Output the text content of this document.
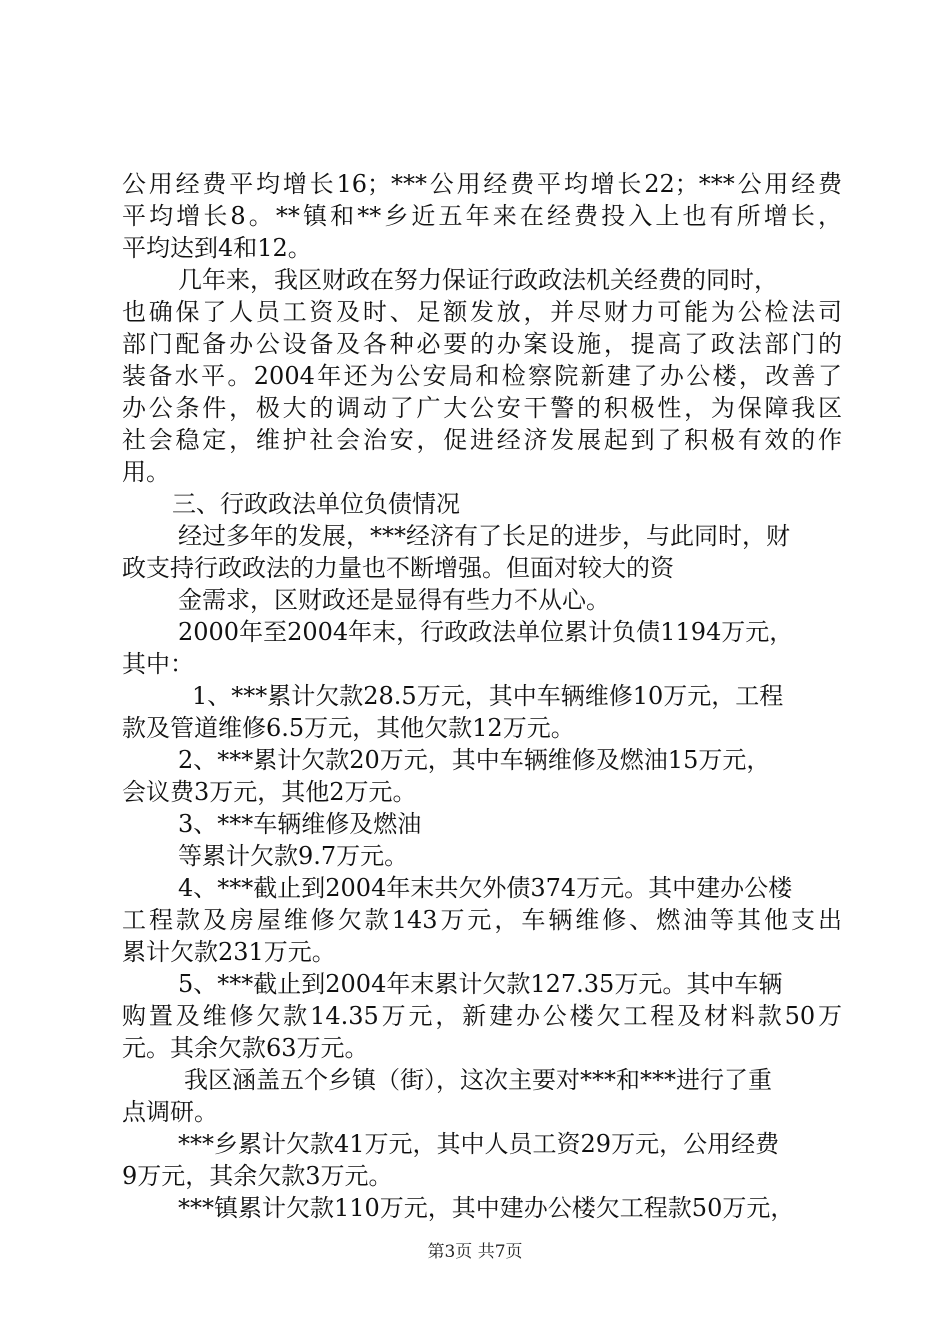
公用经费平均增长16；***公用经费平均增长22；***公用经费
平均增长8。**镇和**乡近五年来在经费投入上也有所增长，
平均达到4和12。
几年来，我区财政在努力保证行政政法机关经费的同时，
也确保了人员工资及时、足额发放，并尽财力可能为公检法司
部门配备办公设备及各种必要的办案设施，提高了政法部门的
装备水平。2004年还为公安局和检察院新建了办公楼，改善了
办公条件，极大的调动了广大公安干警的积极性，为保障我区
社会稳定，维护社会治安，促进经济发展起到了积极有效的作
用。
三、行政政法单位负债情况
经过多年的发展，***经济有了长足的进步，与此同时，财
政支持行政政法的力量也不断增强。但面对较大的资
金需求，区财政还是显得有些力不从心。
2000年至2004年末，行政政法单位累计负债1194万元，
其中：
1、***累计欠款28.5万元，其中车辆维修10万元，工程
款及管道维修6.5万元，其他欠款12万元。
2、***累计欠款20万元，其中车辆维修及燃油15万元，
会议费3万元，其他2万元。
3、***车辆维修及燃油
等累计欠款9.7万元。
4、***截止到2004年末共欠外债374万元。其中建办公楼
工程款及房屋维修欠款143万元，车辆维修、燃油等其他支出
累计欠款231万元。
5、***截止到2004年末累计欠款127.35万元。其中车辆
购置及维修欠款14.35万元，新建办公楼欠工程及材料款50万
元。其余欠款63万元。
我区涵盖五个乡镇（街），这次主要对***和***进行了重
点调研。
***乡累计欠款41万元，其中人员工资29万元，公用经费
9万元，其余欠款3万元。
***镇累计欠款110万元，其中建办公楼欠工程款50万元，
第3页 共7页
